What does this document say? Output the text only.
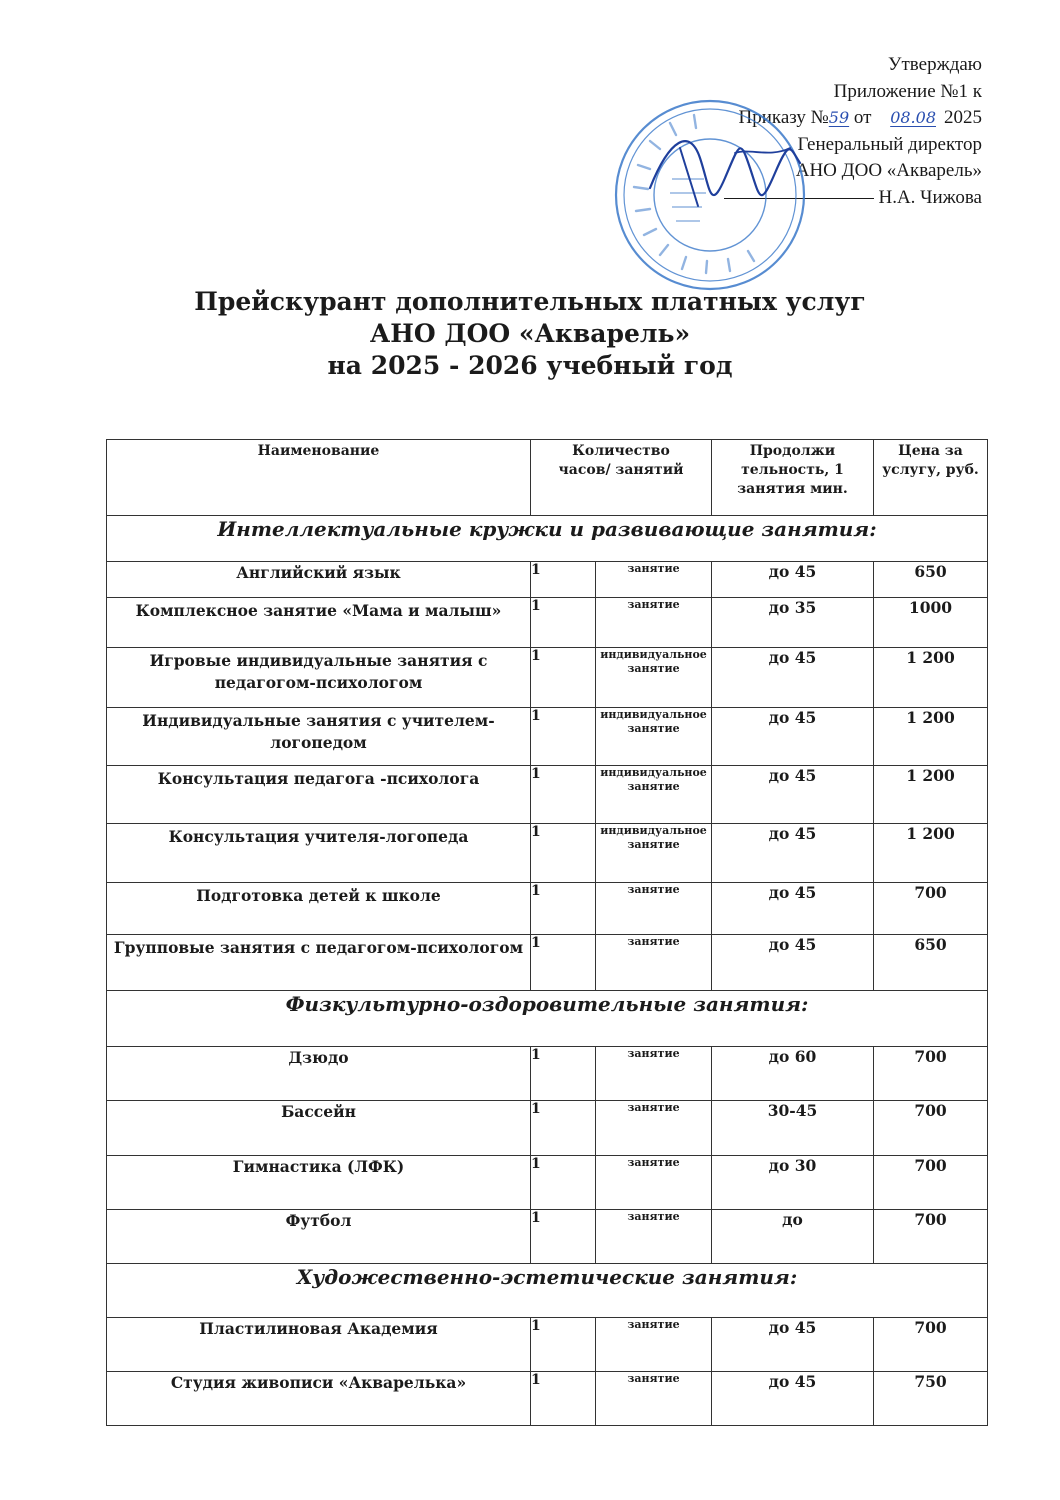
Утверждаю
Приложение №1 к
Приказу №59 от 08.08 2025
Генеральный директор
АНО ДОО «Акварель»
Н.А. Чижова
Прейскурант дополнительных платных услуг
АНО ДОО «Акварель»
на 2025 - 2026 учебный год
Наименование	Количество часов/ занятий		Продолжи тельность, 1 занятия мин.	Цена за услугу, руб.
Интеллектуальные кружки и развивающие занятия:				
Английский язык	1	занятие	до 45	650
Комплексное занятие «Мама и малыш»	1	занятие	до 35	1000
Игровые индивидуальные занятия с педагогом-психологом	1	индивидуальное занятие	до 45	1 200
Индивидуальные занятия с учителем-логопедом	1	индивидуальное занятие	до 45	1 200
Консультация педагога -психолога	1	индивидуальное занятие	до 45	1 200
Консультация учителя-логопеда	1	индивидуальное занятие	до 45	1 200
Подготовка детей к школе	1	занятие	до 45	700
Групповые занятия с педагогом-психологом	1	занятие	до 45	650
Физкультурно-оздоровительные занятия:				
Дзюдо	1	занятие	до 60	700
Бассейн	1	занятие	30-45	700
Гимнастика (ЛФК)	1	занятие	до 30	700
Футбол	1	занятие	до	700
Художественно-эстетические занятия:				
Пластилиновая Академия	1	занятие	до 45	700
Студия живописи «Акварелька»	1	занятие	до 45	750
